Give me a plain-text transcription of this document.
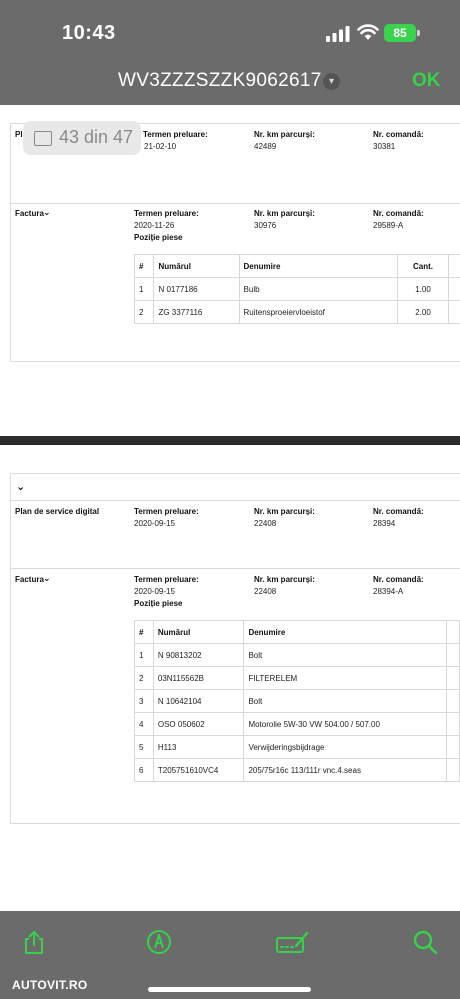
10:43	85
WV3ZZZSZZK9062617 ▾	OK
Pl	Termen preluare:
21-02-10
Nr. km parcurși:
42489
Nr. comandă:
30381
Factura ⌄	Termen preluare:
2020-11-26
Poziție piese
Nr. km parcurși:
30976
Nr. comandă:
29589-A
#	Numărul	Denumire	Cant.	
1	N 0177186	Bulb	1.00	
2	ZG 3377116	Ruitensproeiervloeistof	2.00	
43 din 47
⌄
Plan de service digital	Termen preluare:
2020-09-15
Nr. km parcurși:
22408
Nr. comandă:
28394
Factura ⌄	Termen preluare:
2020-09-15
Poziție piese
Nr. km parcurși:
22408
Nr. comandă:
28394-A
#	Numărul	Denumire	
1	N 90813202	Bolt	
2	03N115562B	FILTERELEM	
3	N 10642104	Bolt	
4	OSO 050602	Motorolie 5W-30 VW 504.00 / 507.00	
5	H113	Verwijderingsbijdrage	
6	T205751610VC4	205/75r16c 113/111r vnc.4.seas	
AUTOVIT.RO
